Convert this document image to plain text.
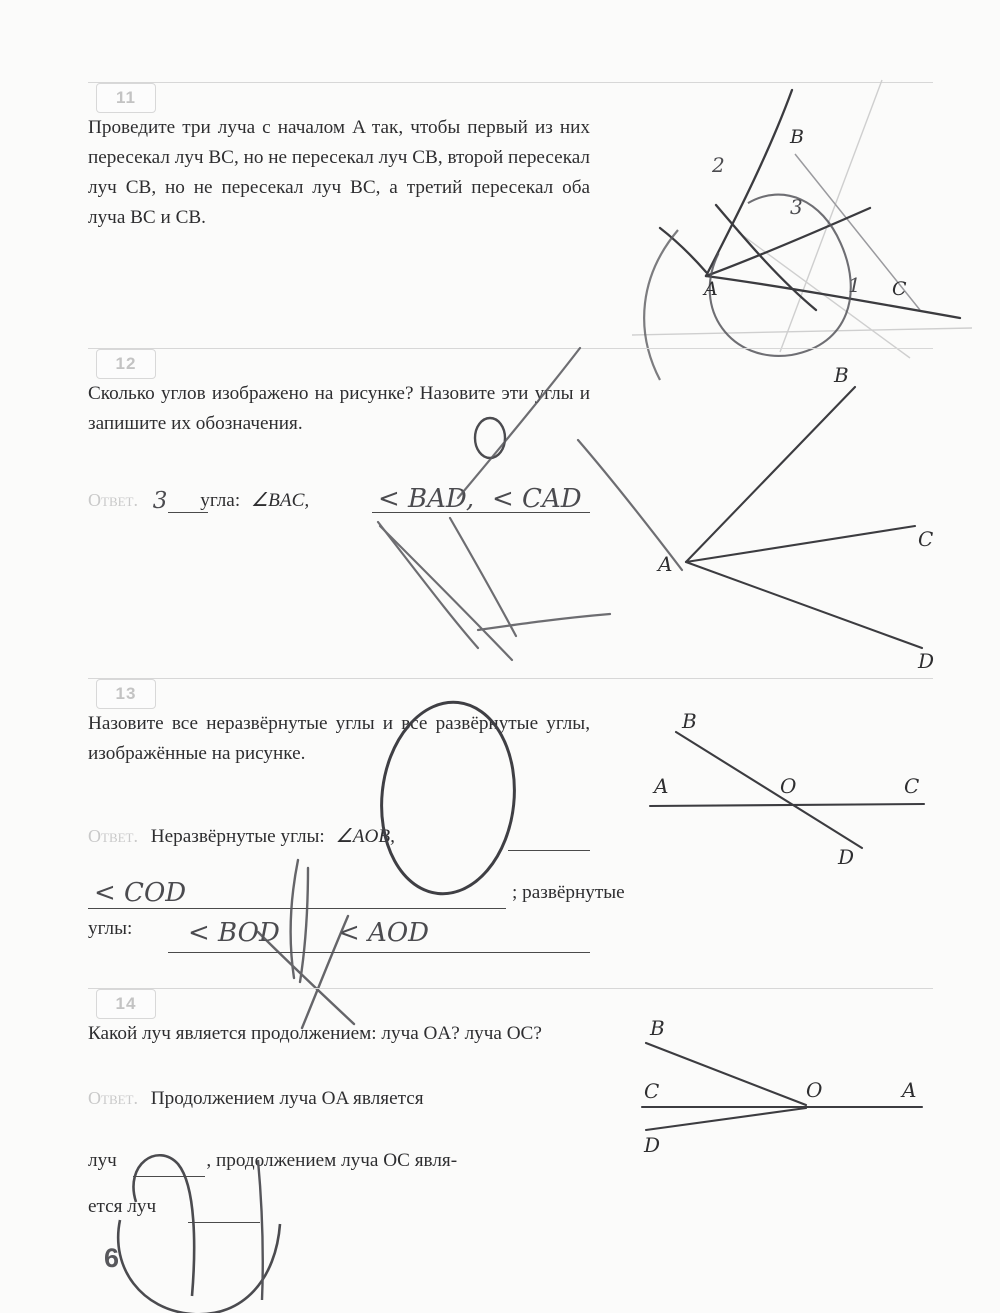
11
Проведите три луча с началом A так, чтобы первый из них пересекал луч BC, но не пересекал луч CB, второй пересекал луч CB, но не пересекал луч BC, а третий пересекал оба луча BC и CB.
A
B
C
2
3
1
12
Сколько углов изображено на рисунке? Назовите эти углы и запишите их обозначения.
Ответ. 3 угла: ∠BAC,	< BAD, < CAD
A
B
C
D
13
Назовите все неразвёрнутые углы и все развёрнутые углы, изображённые на рисунке.
Ответ. Неразвёрнутые углы: ∠AOB,
< COD	; развёрнутые
углы: < BOD < AOD
A
B
C
D
O
14
Какой луч является продолжением: луча OA? луча OC?
Ответ. Продолжением луча OA является
луч	, продолжением луча OC явля-
ется луч
B
C
D
O	A
6
